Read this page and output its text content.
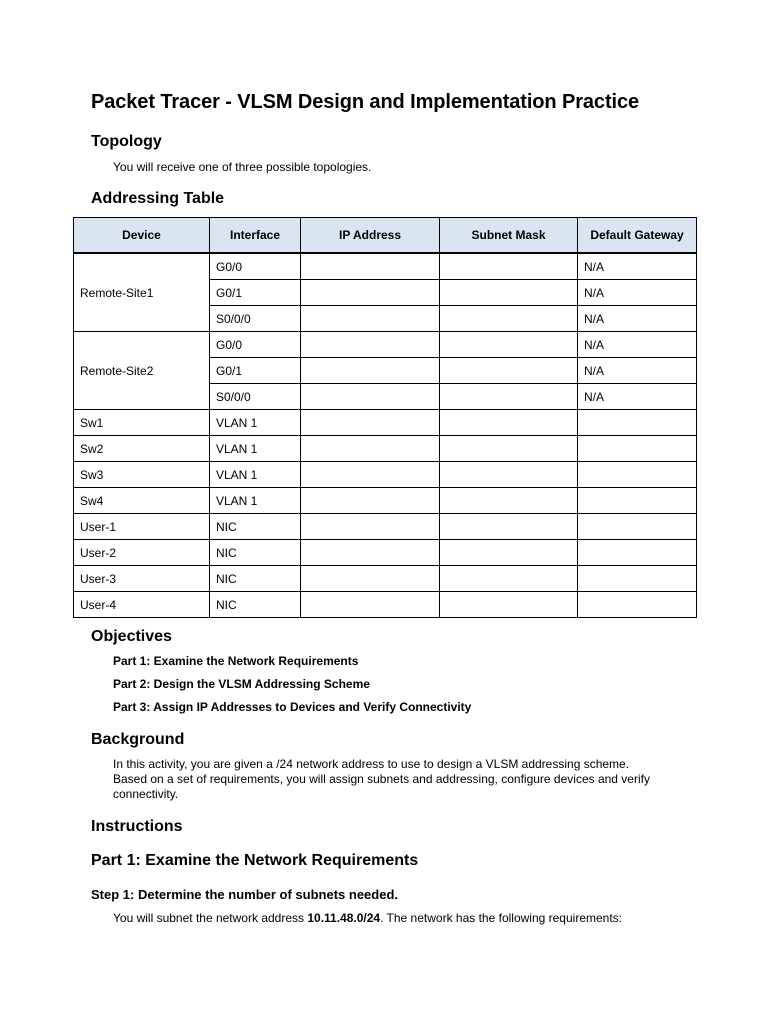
Packet Tracer - VLSM Design and Implementation Practice
Topology

You will receive one of three possible topologies.

Addressing Table
Device	Interface	IP Address	Subnet Mask	Default Gateway
Remote-Site1	G0/0			N/A
	G0/1			N/A
	S0/0/0			N/A
Remote-Site2	G0/0			N/A
	G0/1			N/A
	S0/0/0			N/A
Sw1	VLAN 1			
Sw2	VLAN 1			
Sw3	VLAN 1			
Sw4	VLAN 1			
User-1	NIC			
User-2	NIC			
User-3	NIC			
User-4	NIC			
Objectives

Part 1: Examine the Network Requirements

Part 2: Design the VLSM Addressing Scheme

Part 3: Assign IP Addresses to Devices and Verify Connectivity

Background
In this activity, you are given a /24 network address to use to design a VLSM addressing scheme.
Based on a set of requirements, you will assign subnets and addressing, configure devices and verify
connectivity.
Instructions
Part 1: Examine the Network Requirements
Step 1: Determine the number of subnets needed.

You will subnet the network address 10.11.48.0/24. The network has the following requirements:
